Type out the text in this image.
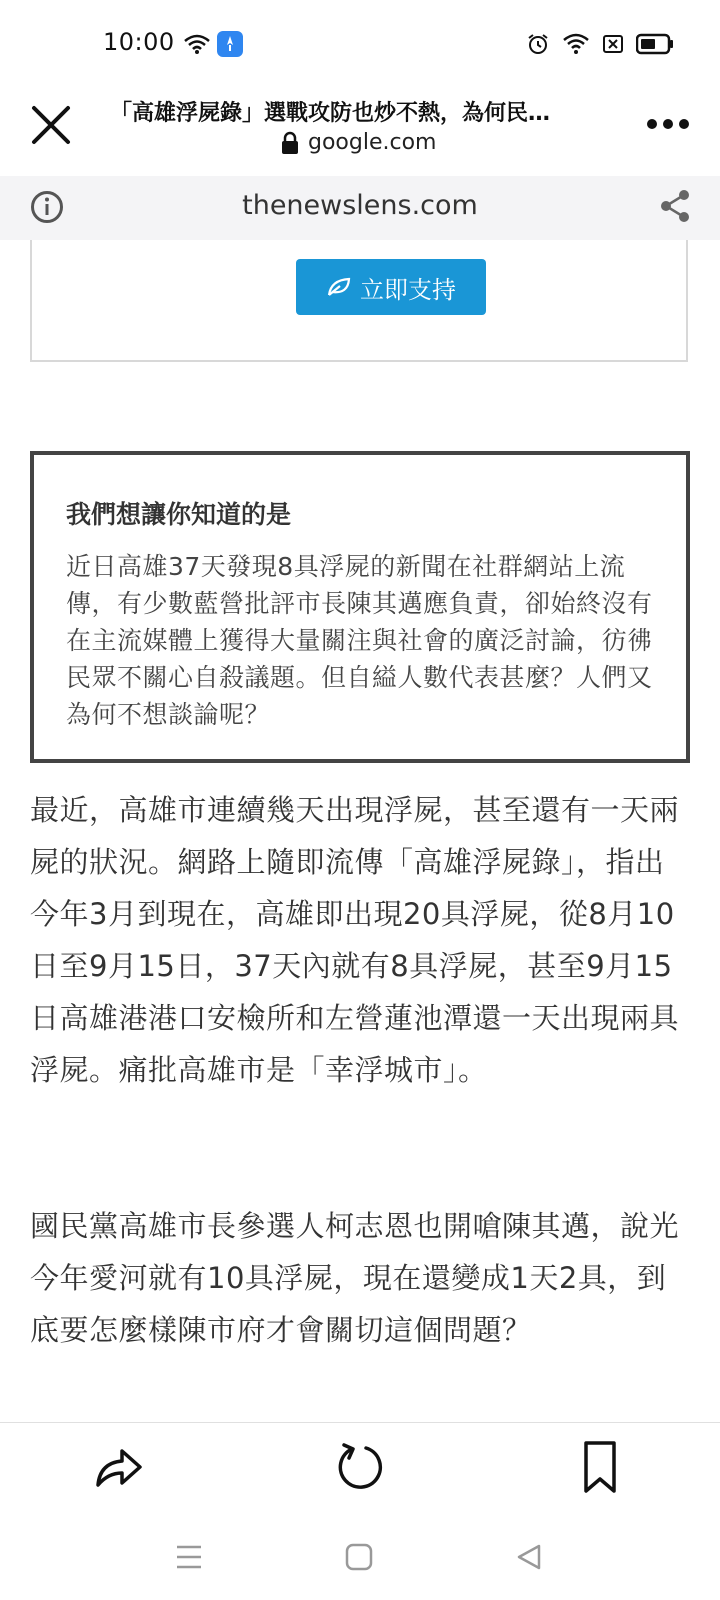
10:00
「高雄浮屍錄」選戰攻防也炒不熱，為何民…
google.com
thenewslens.com
立即支持
我們想讓你知道的是
近日高雄37天發現8具浮屍的新聞在社群網站上流傳，有少數藍營批評市長陳其邁應負責，卻始終沒有在主流媒體上獲得大量關注與社會的廣泛討論，彷彿民眾不關心自殺議題。但自縊人數代表甚麼？人們又為何不想談論呢？
最近，高雄市連續幾天出現浮屍，甚至還有一天兩屍的狀況。網路上隨即流傳「高雄浮屍錄」，指出今年3月到現在，高雄即出現20具浮屍，從8月10日至9月15日，37天內就有8具浮屍，甚至9月15日高雄港港口安檢所和左營蓮池潭還一天出現兩具浮屍。痛批高雄市是「幸浮城市」。
國民黨高雄市長參選人柯志恩也開嗆陳其邁，說光今年愛河就有10具浮屍，現在還變成1天2具，到底要怎麼樣陳市府才會關切這個問題？
